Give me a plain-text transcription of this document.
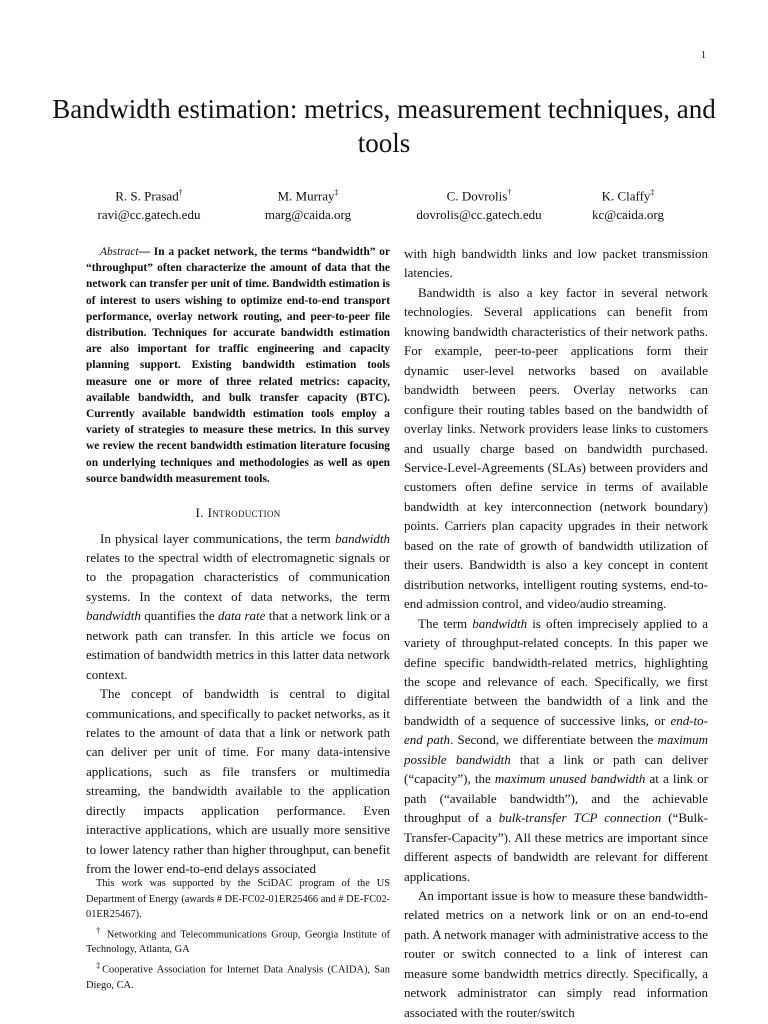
1
Bandwidth estimation: metrics, measurement techniques, and tools
R. S. Prasad†
ravi@cc.gatech.edu
M. Murray‡
marg@caida.org
C. Dovrolis†
dovrolis@cc.gatech.edu
K. Claffy‡
kc@caida.org

Abstract— In a packet network, the terms “bandwidth” or “throughput” often characterize the amount of data that the network can transfer per unit of time. Bandwidth estimation is of interest to users wishing to optimize end-to-end transport performance, overlay network routing, and peer-to-peer file distribution. Techniques for accurate bandwidth estimation are also important for traffic engineering and capacity planning support. Existing bandwidth estimation tools measure one or more of three related metrics: capacity, available bandwidth, and bulk transfer capacity (BTC). Currently available bandwidth estimation tools employ a variety of strategies to measure these metrics. In this survey we review the recent bandwidth estimation literature focusing on underlying techniques and methodologies as well as open source bandwidth measurement tools.

I. Introduction

In physical layer communications, the term bandwidth relates to the spectral width of electromagnetic signals or to the propagation characteristics of communication systems. In the context of data networks, the term bandwidth quantifies the data rate that a network link or a network path can transfer. In this article we focus on estimation of bandwidth metrics in this latter data network context.

The concept of bandwidth is central to digital communications, and specifically to packet networks, as it relates to the amount of data that a link or network path can deliver per unit of time. For many data-intensive applications, such as file transfers or multimedia streaming, the bandwidth available to the application directly impacts application performance. Even interactive applications, which are usually more sensitive to lower latency rather than higher throughput, can benefit from the lower end-to-end delays associated

This work was supported by the SciDAC program of the US Department of Energy (awards # DE-FC02-01ER25466 and # DE-FC02-01ER25467).

† Networking and Telecommunications Group, Georgia Institute of Technology, Atlanta, GA

‡Cooperative Association for Internet Data Analysis (CAIDA), San Diego, CA.

with high bandwidth links and low packet transmission latencies.

Bandwidth is also a key factor in several network technologies. Several applications can benefit from knowing bandwidth characteristics of their network paths. For example, peer-to-peer applications form their dynamic user-level networks based on available bandwidth between peers. Overlay networks can configure their routing tables based on the bandwidth of overlay links. Network providers lease links to customers and usually charge based on bandwidth purchased. Service-Level-Agreements (SLAs) between providers and customers often define service in terms of available bandwidth at key interconnection (network boundary) points. Carriers plan capacity upgrades in their network based on the rate of growth of bandwidth utilization of their users. Bandwidth is also a key concept in content distribution networks, intelligent routing systems, end-to-end admission control, and video/audio streaming.

The term bandwidth is often imprecisely applied to a variety of throughput-related concepts. In this paper we define specific bandwidth-related metrics, highlighting the scope and relevance of each. Specifically, we first differentiate between the bandwidth of a link and the bandwidth of a sequence of successive links, or end-to-end path. Second, we differentiate between the maximum possible bandwidth that a link or path can deliver (“capacity”), the maximum unused bandwidth at a link or path (“available bandwidth”), and the achievable throughput of a bulk-transfer TCP connection (“Bulk-Transfer-Capacity”). All these metrics are important since different aspects of bandwidth are relevant for different applications.

An important issue is how to measure these bandwidth-related metrics on a network link or on an end-to-end path. A network manager with administrative access to the router or switch connected to a link of interest can measure some bandwidth metrics directly. Specifically, a network administrator can simply read information associated with the router/switch
